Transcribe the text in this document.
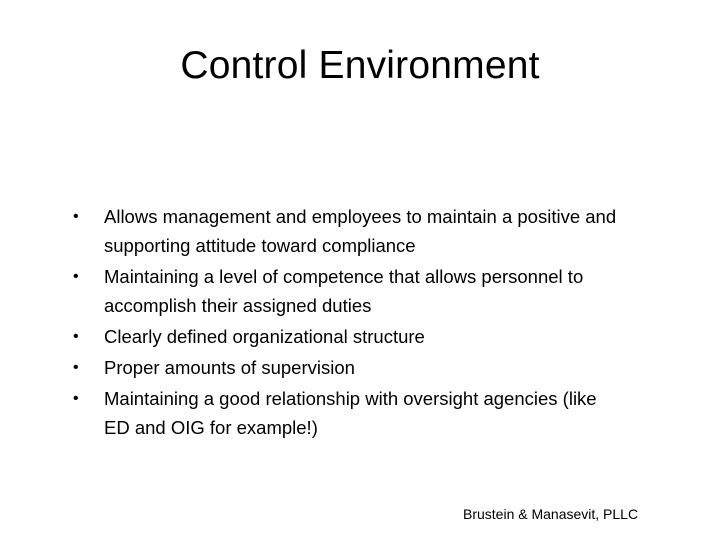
Control Environment
• Allows management and employees to maintain a positive and
supporting attitude toward compliance
• Maintaining a level of competence that allows personnel to
accomplish their assigned duties
• Clearly defined organizational structure
• Proper amounts of supervision
• Maintaining a good relationship with oversight agencies (like
ED and OIG for example!)
Brustein & Manasevit, PLLC
